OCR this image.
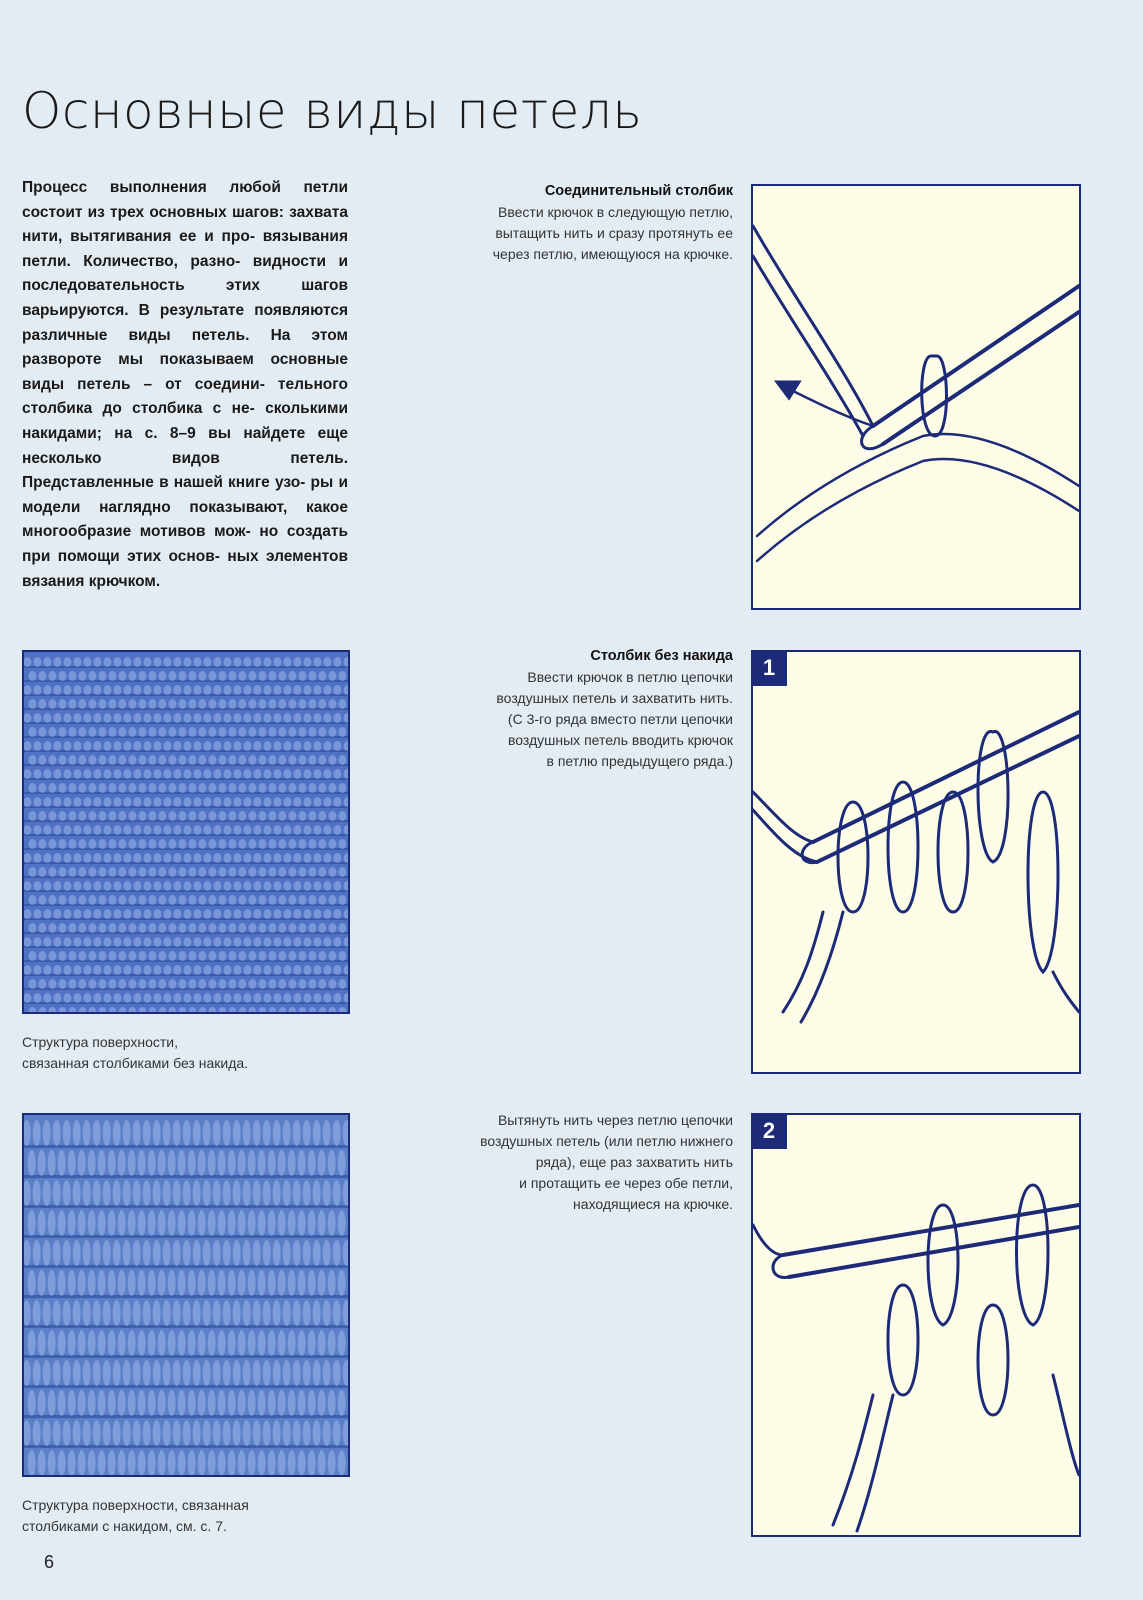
Основные виды петель
Процесс выполнения любой петли состоит из трех основных шагов: захвата нити, вытягивания ее и про- вязывания петли. Количество, разно- видности и последовательность этих	шагов варьируются. В результате появляются различные виды петель. На этом развороте мы показываем основные виды петель – от соедини- тельного столбика до столбика с не- сколькими накидами; на с. 8–9 вы найдете еще несколько видов петель. Представленные в нашей книге узо- ры и модели наглядно показывают, какое многообразие мотивов мож- но создать при помощи этих основ- ных элементов вязания крючком.

Структура поверхности,
связанная столбиками без накида.

Структура поверхности, связанная
столбиками с накидом, см. с. 7.

Соединительный столбик
Ввести крючок в следующую петлю,
вытащить нить и сразу протянуть ее
через петлю, имеющуюся на крючке.
Столбик без накида
Ввести крючок в петлю цепочки
воздушных петель и захватить нить.
(С 3-го ряда вместо петли цепочки
воздушных петель вводить крючок
в петлю предыдущего ряда.)
1
Вытянуть нить через петлю цепочки
воздушных петель (или петлю нижнего
ряда), еще раз захватить нить
и протащить ее через обе петли,
находящиеся на крючке.
2
6
